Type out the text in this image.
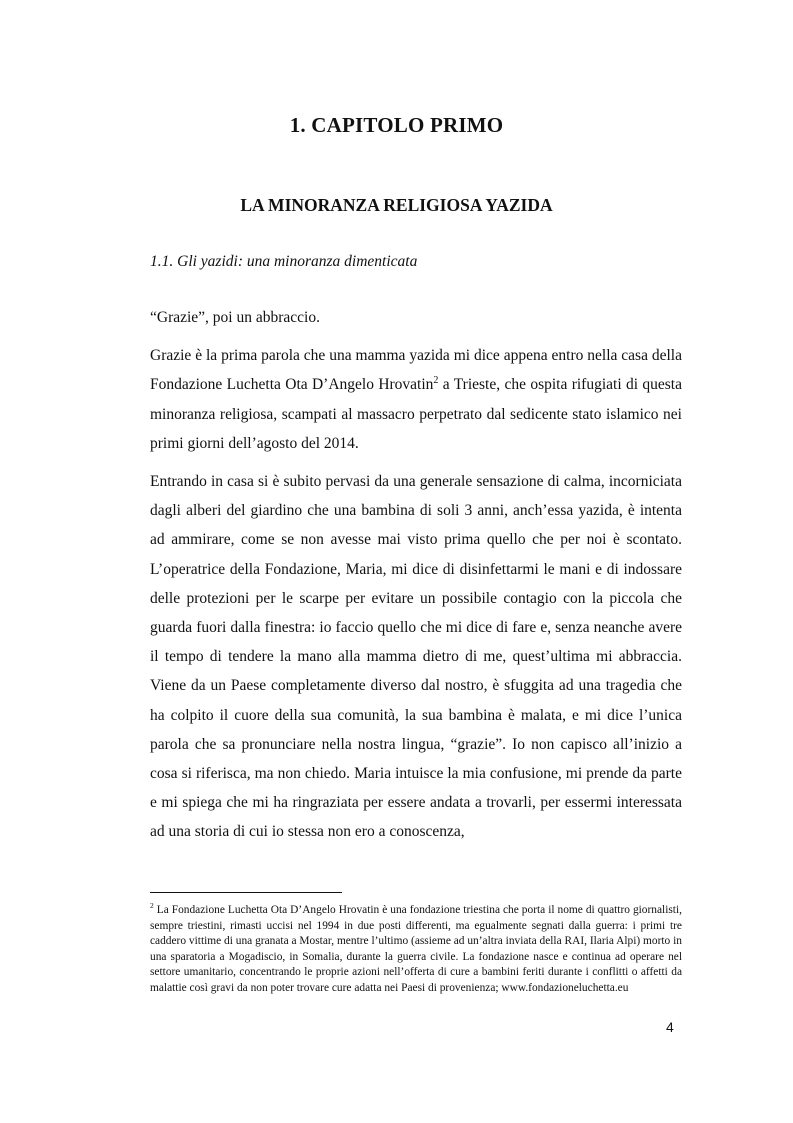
1. CAPITOLO PRIMO
LA MINORANZA RELIGIOSA YAZIDA
1.1. Gli yazidi: una minoranza dimenticata

“Grazie”, poi un abbraccio.

Grazie è la prima parola che una mamma yazida mi dice appena entro nella casa della Fondazione Luchetta Ota D’Angelo Hrovatin$^2$ a Trieste, che ospita rifugiati di questa minoranza religiosa, scampati al massacro perpetrato dal sedicente stato islamico nei primi giorni dell’agosto del 2014.

Entrando in casa si è subito pervasi da una generale sensazione di calma, incorniciata dagli alberi del giardino che una bambina di soli 3 anni, anch’essa yazida, è intenta ad ammirare, come se non avesse mai visto prima quello che per noi è scontato. L’operatrice della Fondazione, Maria, mi dice di disinfettarmi le mani e di indossare delle protezioni per le scarpe per evitare un possibile contagio con la piccola che guarda fuori dalla finestra: io faccio quello che mi dice di fare e, senza neanche avere il tempo di tendere la mano alla mamma dietro di me, quest’ultima mi abbraccia. Viene da un Paese completamente diverso dal nostro, è sfuggita ad una tragedia che ha colpito il cuore della sua comunità, la sua bambina è malata, e mi dice l’unica parola che sa pronunciare nella nostra lingua, “grazie”. Io non capisco all’inizio a cosa si riferisca, ma non chiedo. Maria intuisce la mia confusione, mi prende da parte e mi spiega che mi ha ringraziata per essere andata a trovarli, per essermi interessata ad una storia di cui io stessa non ero a conoscenza,

$^2$ La Fondazione Luchetta Ota D’Angelo Hrovatin è una fondazione triestina che porta il nome di quattro giornalisti, sempre triestini, rimasti uccisi nel 1994 in due posti differenti, ma egualmente segnati dalla guerra: i primi tre caddero vittime di una granata a Mostar, mentre l’ultimo (assieme ad un’altra inviata della RAI, Ilaria Alpi) morto in una sparatoria a Mogadiscio, in Somalia, durante la guerra civile. La fondazione nasce e continua ad operare nel settore umanitario, concentrando le proprie azioni nell’offerta di cure a bambini feriti durante i conflitti o affetti da malattie così gravi da non poter trovare cure adatta nei Paesi di provenienza; www.fondazioneluchetta.eu
4
